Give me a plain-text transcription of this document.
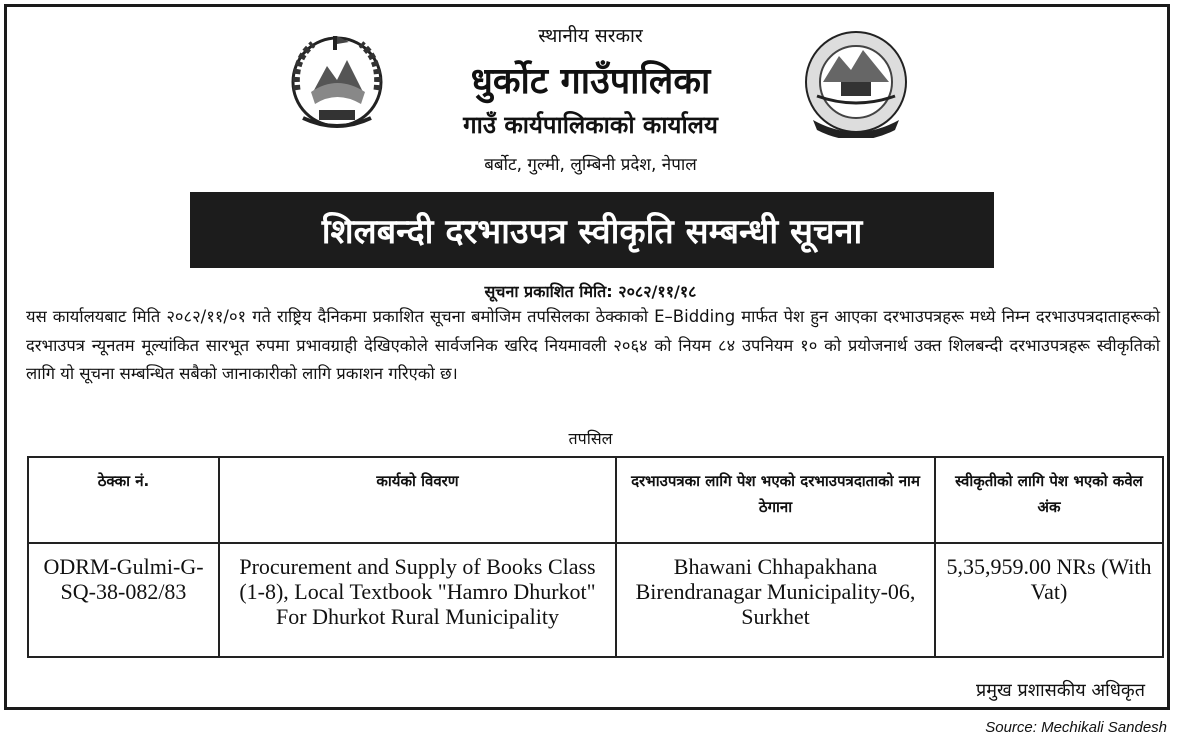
स्थानीय सरकार
धुर्कोट गाउँपालिका
गाउँ कार्यपालिकाको कार्यालय
बर्बोट, गुल्मी, लुम्बिनी प्रदेश, नेपाल
शिलबन्दी दरभाउपत्र स्वीकृति सम्बन्धी सूचना
सूचना प्रकाशित मिति: २०८२/११/१८
यस कार्यालयबाट मिति २०८२/११/०१ गते राष्ट्रिय दैनिकमा प्रकाशित सूचना बमोजिम तपसिलका ठेक्काको E–Bidding मार्फत पेश हुन आएका दरभाउपत्रहरू मध्ये निम्न दरभाउपत्रदाताहरूको दरभाउपत्र न्यूनतम मूल्यांकित सारभूत रुपमा प्रभावग्राही देखिएकोले सार्वजनिक खरिद नियमावली २०६४ को नियम ८४ उपनियम १० को प्रयोजनार्थ उक्त शिलबन्दी दरभाउपत्रहरू स्वीकृतिको लागि यो सूचना सम्बन्धित सबैको जानाकारीको लागि प्रकाशन गरिएको छ।
तपसिल
ठेक्का नं.	कार्यको विवरण	दरभाउपत्रका लागि पेश भएको दरभाउपत्रदाताको नाम ठेगाना	स्वीकृतीको लागि पेश भएको कवेल अंक
ODRM-Gulmi-G-SQ-38-082/83	Procurement and Supply of Books Class (1-8), Local Textbook "Hamro Dhurkot" For Dhurkot Rural Municipality	Bhawani Chhapakhana Birendranagar Municipality-06, Surkhet	5,35,959.00 NRs (With Vat)
प्रमुख प्रशासकीय अधिकृत
Source: Mechikali Sandesh
